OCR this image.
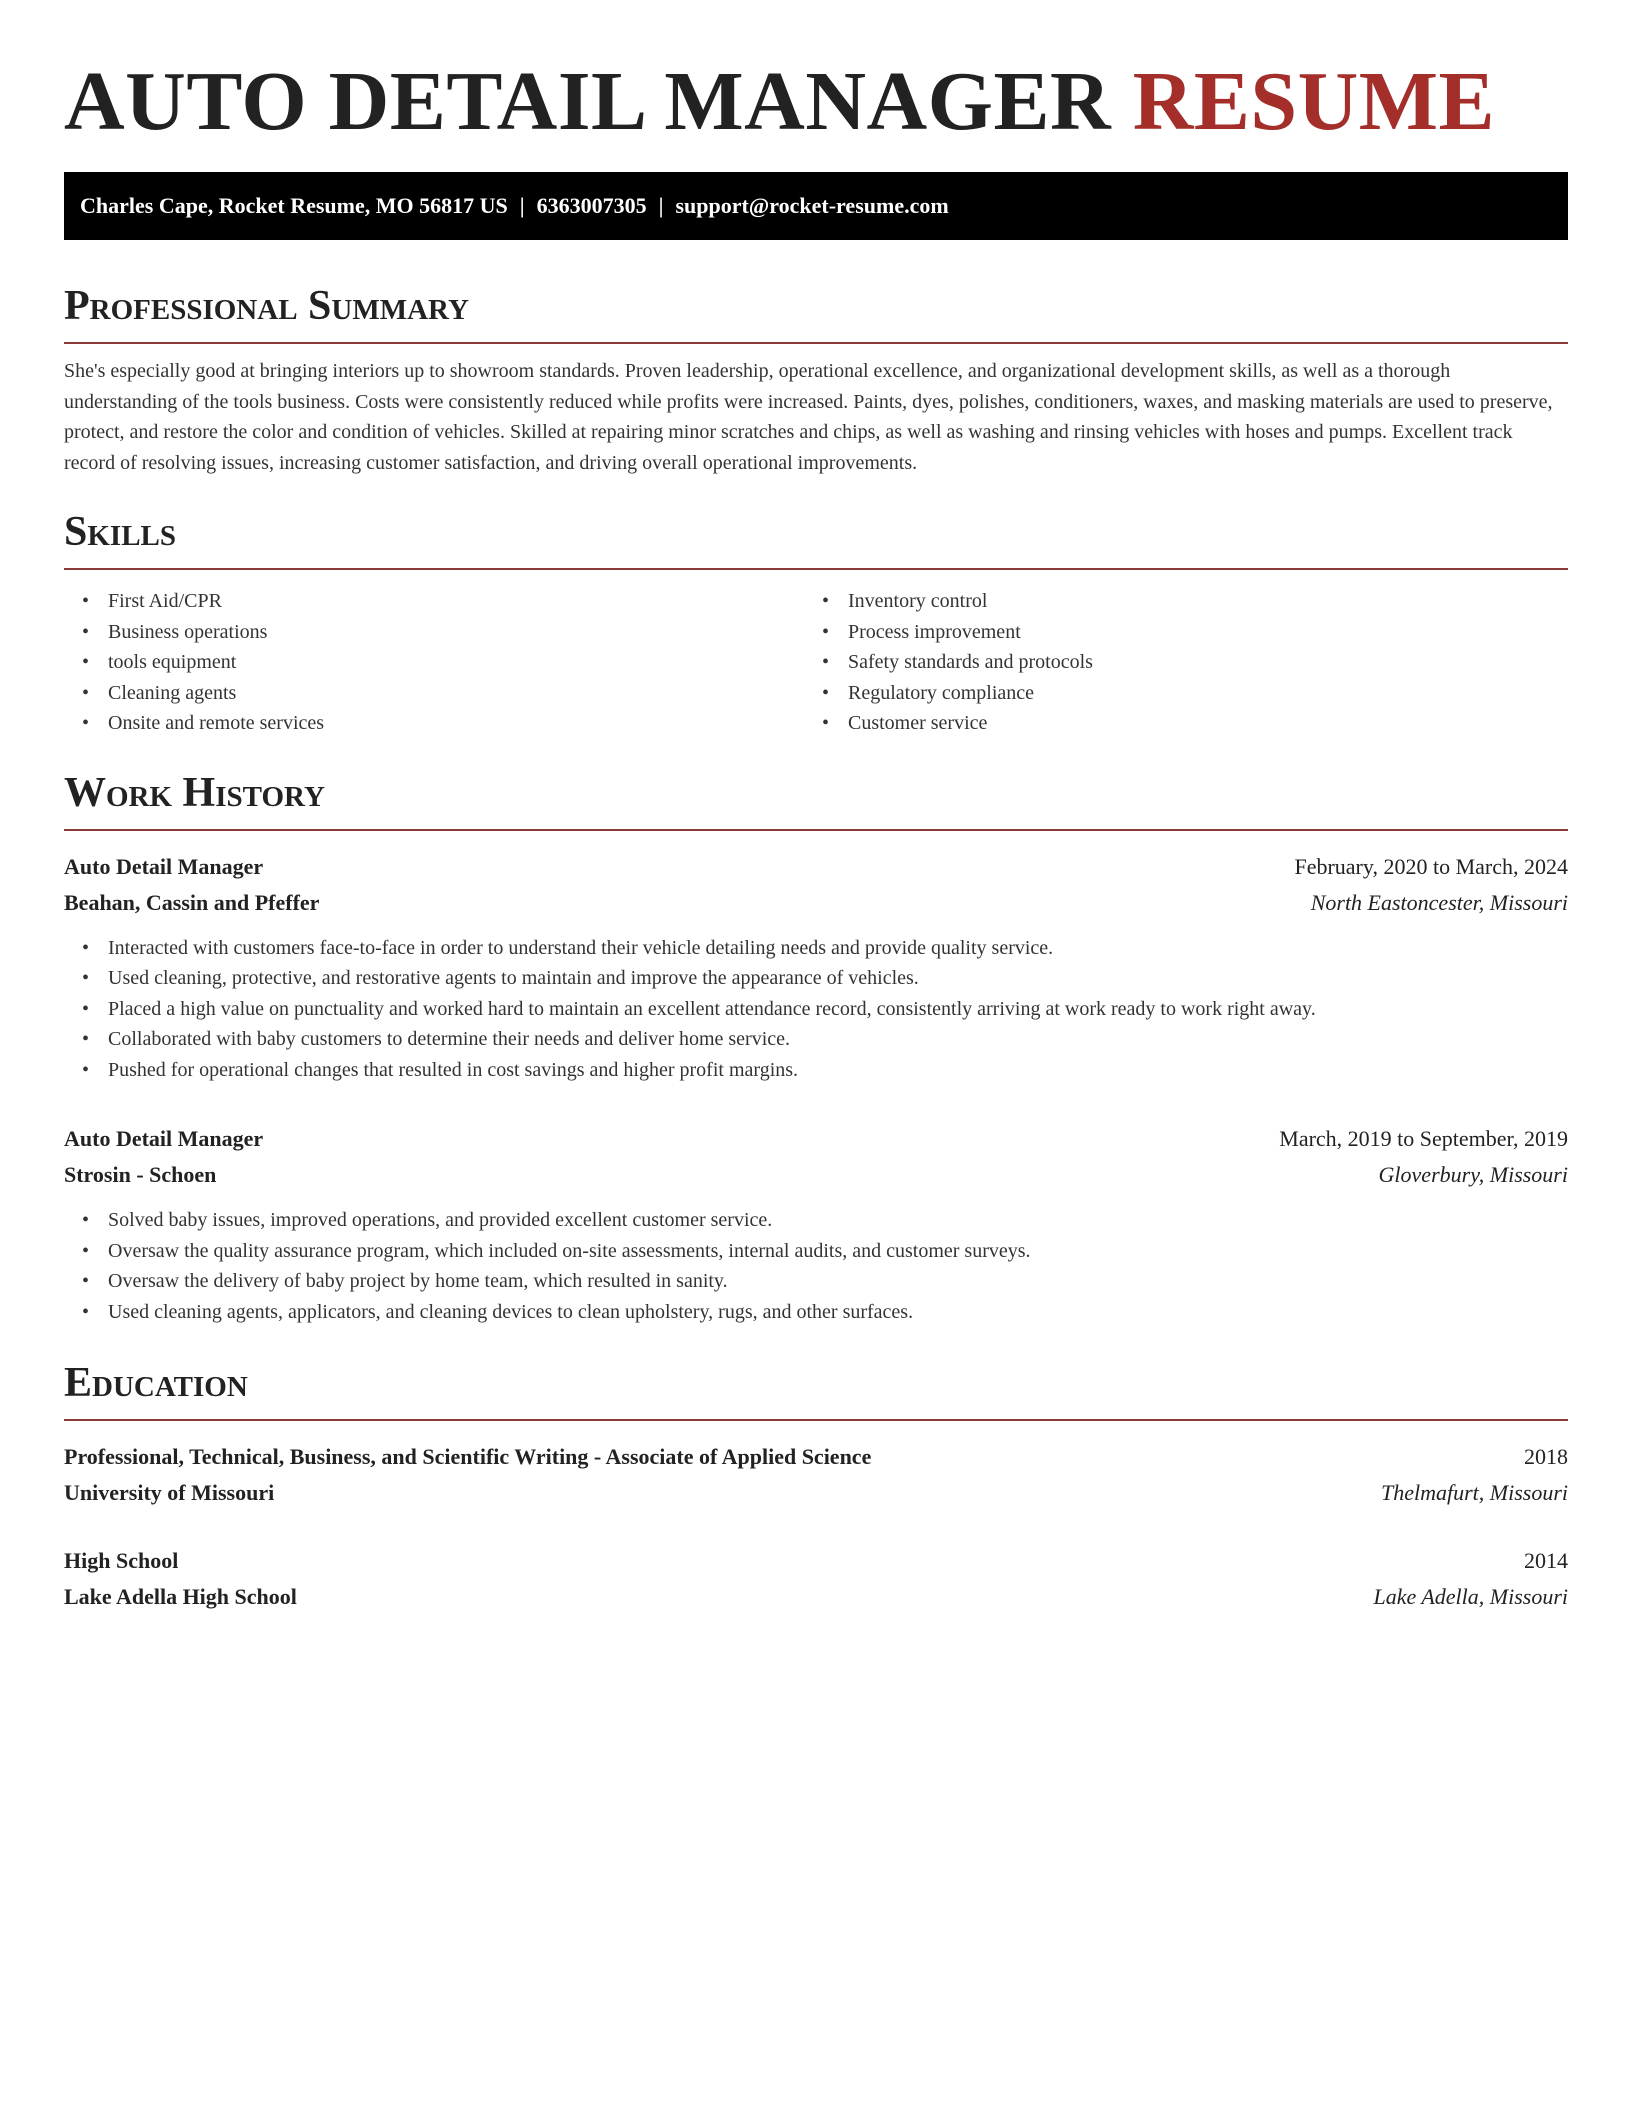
AUTO DETAIL MANAGER RESUME
Charles Cape, Rocket Resume, MO 56817 US | 6363007305 | support@rocket-resume.com
Professional Summary

She's especially good at bringing interiors up to showroom standards. Proven leadership, operational excellence, and organizational development skills, as well as a thorough understanding of the tools business. Costs were consistently reduced while profits were increased. Paints, dyes, polishes, conditioners, waxes, and masking materials are used to preserve, protect, and restore the color and condition of vehicles. Skilled at repairing minor scratches and chips, as well as washing and rinsing vehicles with hoses and pumps. Excellent track record of resolving issues, increasing customer satisfaction, and driving overall operational improvements.

Skills
• First Aid/CPR
• Business operations
• tools equipment
• Cleaning agents
• Onsite and remote services
• Inventory control
• Process improvement
• Safety standards and protocols
• Regulatory compliance
• Customer service
Work History
Auto Detail Manager	February, 2020 to March, 2024
Beahan, Cassin and Pfeffer	North Eastoncester, Missouri
• Interacted with customers face-to-face in order to understand their vehicle detailing needs and provide quality service.
• Used cleaning, protective, and restorative agents to maintain and improve the appearance of vehicles.
• Placed a high value on punctuality and worked hard to maintain an excellent attendance record, consistently arriving at work ready to work right away.
• Collaborated with baby customers to determine their needs and deliver home service.
• Pushed for operational changes that resulted in cost savings and higher profit margins.
Auto Detail Manager	March, 2019 to September, 2019
Strosin - Schoen	Gloverbury, Missouri
• Solved baby issues, improved operations, and provided excellent customer service.
• Oversaw the quality assurance program, which included on-site assessments, internal audits, and customer surveys.
• Oversaw the delivery of baby project by home team, which resulted in sanity.
• Used cleaning agents, applicators, and cleaning devices to clean upholstery, rugs, and other surfaces.
Education
Professional, Technical, Business, and Scientific Writing - Associate of Applied Science	2018
University of Missouri	Thelmafurt, Missouri
High School	2014
Lake Adella High School	Lake Adella, Missouri
